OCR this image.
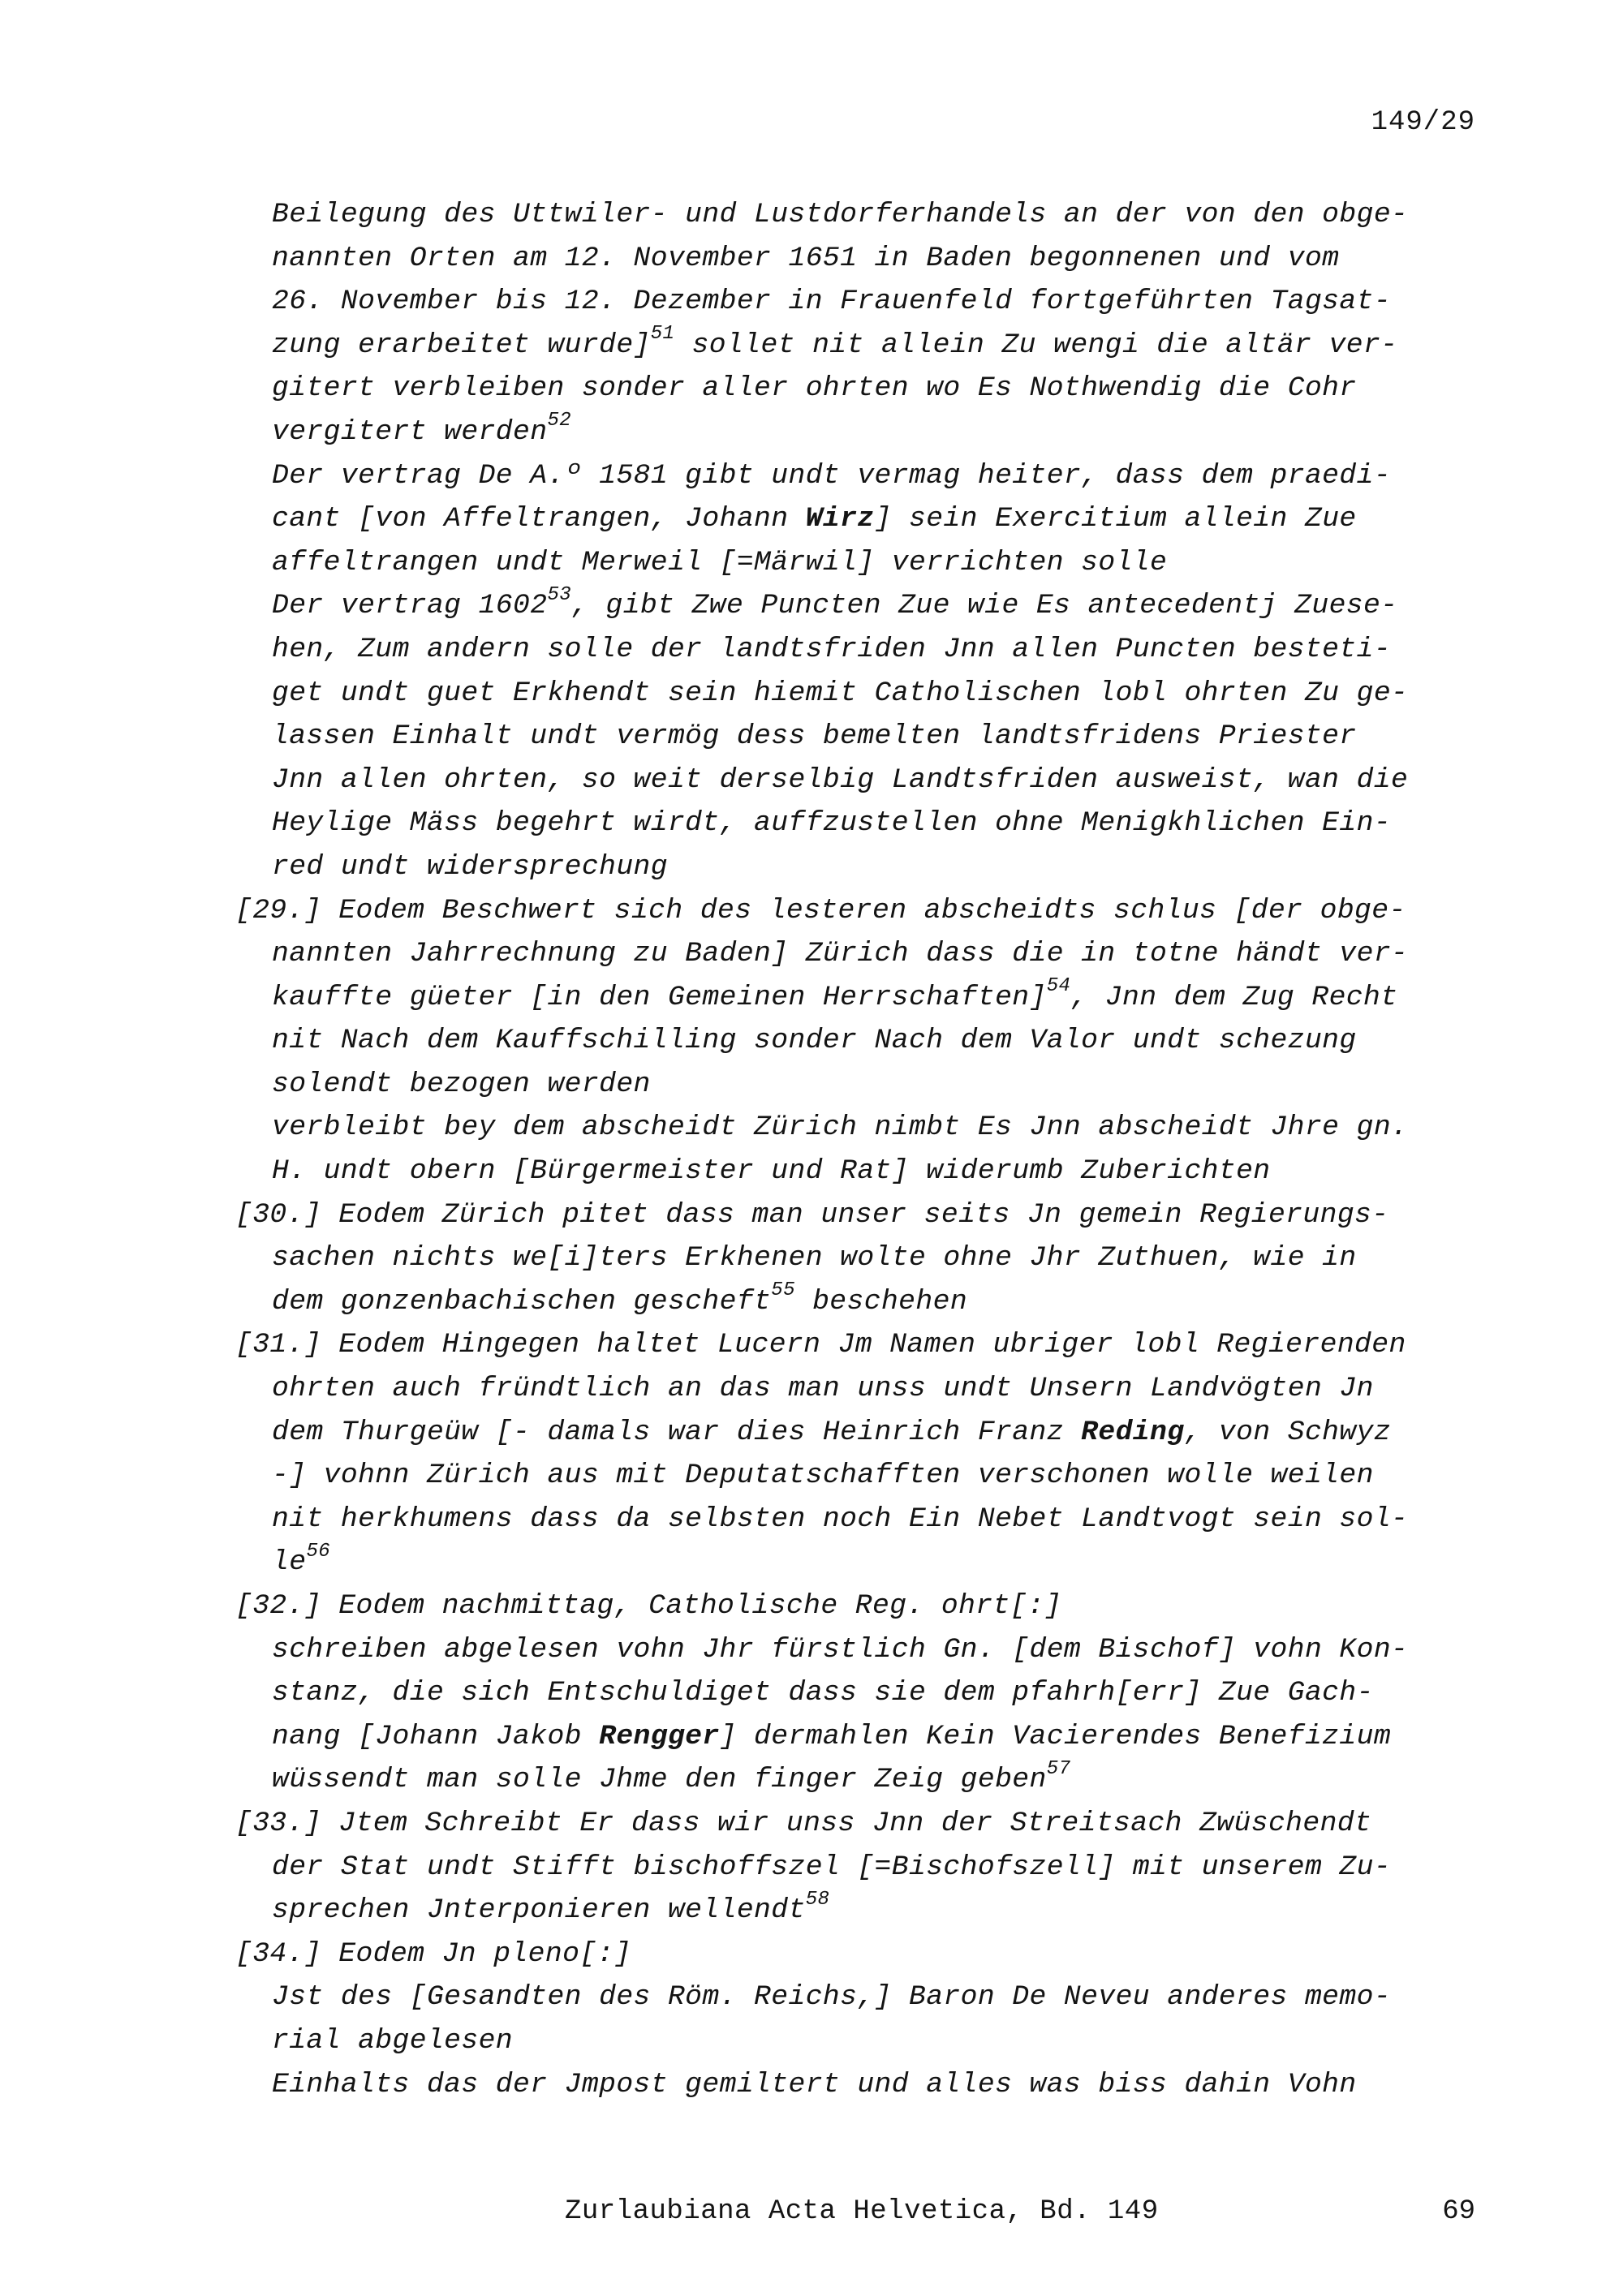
149/29
Beilegung des Uttwiler- und Lustdorferhandels an der von den obge-
nannten Orten am 12. November 1651 in Baden begonnenen und vom
26. November bis 12. Dezember in Frauenfeld fortgeführten Tagsat-
zung erarbeitet wurde]$^{51}$ sollet nit allein Zu wengi die altär ver-
gitert verbleiben sonder aller ohrten wo Es Nothwendig die Cohr
vergitert werden$^{52}$
Der vertrag De A.º 1581 gibt undt vermag heiter, dass dem praedi-
cant [von Affeltrangen, Johann Wirz] sein Exercitium allein Zue
affeltrangen undt Merweil [=Märwil] verrichten solle
Der vertrag 1602$^{53}$, gibt Zwe Puncten Zue wie Es antecedentj Zuese-
hen, Zum andern solle der landtsfriden Jnn allen Puncten besteti-
get undt guet Erkhendt sein hiemit Catholischen lobl ohrten Zu ge-
lassen Einhalt undt vermög dess bemelten landtsfridens Priester
Jnn allen ohrten, so weit derselbig Landtsfriden ausweist, wan die
Heylige Mäss begehrt wirdt, auffzustellen ohne Menigkhlichen Ein-
red undt widersprechung
[29.] Eodem Beschwert sich des lesteren abscheidts schlus [der obge-
nannten Jahrrechnung zu Baden] Zürich dass die in totne händt ver-
kauffte güeter [in den Gemeinen Herrschaften]$^{54}$, Jnn dem Zug Recht
nit Nach dem Kauffschilling sonder Nach dem Valor undt schezung
solendt bezogen werden
verbleibt bey dem abscheidt Zürich nimbt Es Jnn abscheidt Jhre gn.
H. undt obern [Bürgermeister und Rat] widerumb Zuberichten
[30.] Eodem Zürich pitet dass man unser seits Jn gemein Regierungs-
sachen nichts we[i]ters Erkhenen wolte ohne Jhr Zuthuen, wie in
dem gonzenbachischen gescheft$^{55}$ beschehen
[31.] Eodem Hingegen haltet Lucern Jm Namen ubriger lobl Regierenden
ohrten auch fründtlich an das man unss undt Unsern Landvögten Jn
dem Thurgeüw [- damals war dies Heinrich Franz Reding, von Schwyz
-] vohnn Zürich aus mit Deputatschafften verschonen wolle weilen
nit herkhumens dass da selbsten noch Ein Nebet Landtvogt sein sol-
$le^{56}$
[32.] Eodem nachmittag, Catholische Reg. ohrt[:]
schreiben abgelesen vohn Jhr fürstlich Gn. [dem Bischof] vohn Kon-
stanz, die sich Entschuldiget dass sie dem pfahrh[err] Zue Gach-
nang [Johann Jakob Rengger] dermahlen Kein Vacierendes Benefizium
wüssendt man solle Jhme den finger Zeig geben$^{57}$
[33.] Jtem Schreibt Er dass wir unss Jnn der Streitsach Zwüschendt
der Stat undt Stifft bischoffszel [=Bischofszell] mit unserem Zu-
sprechen Jnterponieren wellendt$^{58}$
[34.] Eodem Jn pleno[:]
Jst des [Gesandten des Röm. Reichs,] Baron De Neveu anderes memo-
rial abgelesen
Einhalts das der Jmpost gemiltert und alles was biss dahin Vohn
Zurlaubiana Acta Helvetica, Bd. 149	69
